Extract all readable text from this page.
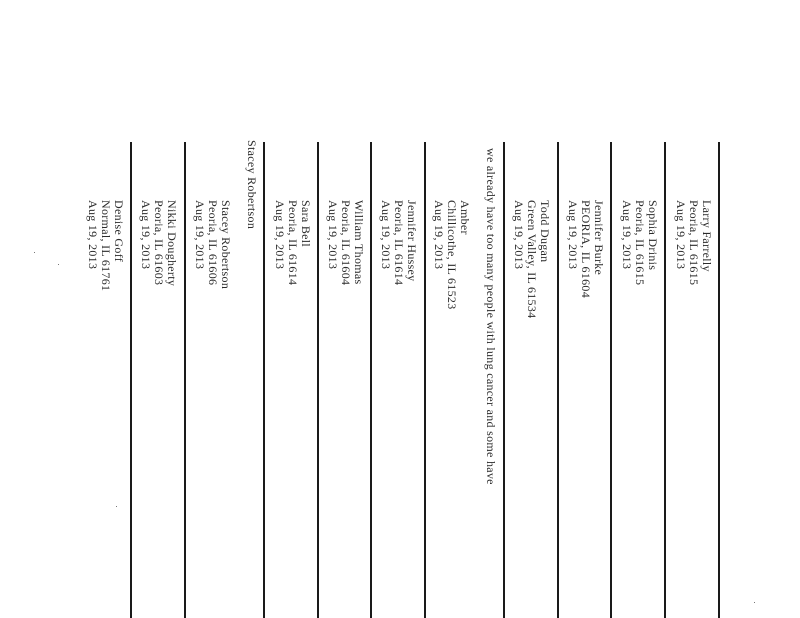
Larry Farrelly
Peoria, IL 61615
Aug 19, 2013
Sophia Drinis
Peoria, IL 61615
Aug 19, 2013
Jennifer Burke
PEORIA, IL 61604
Aug 19, 2013
Todd Dugan
Green Valley, IL 61534
Aug 19, 2013
we already have too many people with lung cancer and some have
Amber
Chillicothe, IL 61523
Aug 19, 2013
Jennifer Hussey
Peoria, IL 61614
Aug 19, 2013
William Thomas
Peoria, IL 61604
Aug 19, 2013
Sara Bell
Peoria, IL 61614
Aug 19, 2013
Stacey Robertson
Stacey Robertson
Peoria, IL 61606
Aug 19, 2013
Nikki Dougherty
Peoria, IL 61603
Aug 19, 2013
Denise Goff
Normal, IL 61761
Aug 19, 2013
